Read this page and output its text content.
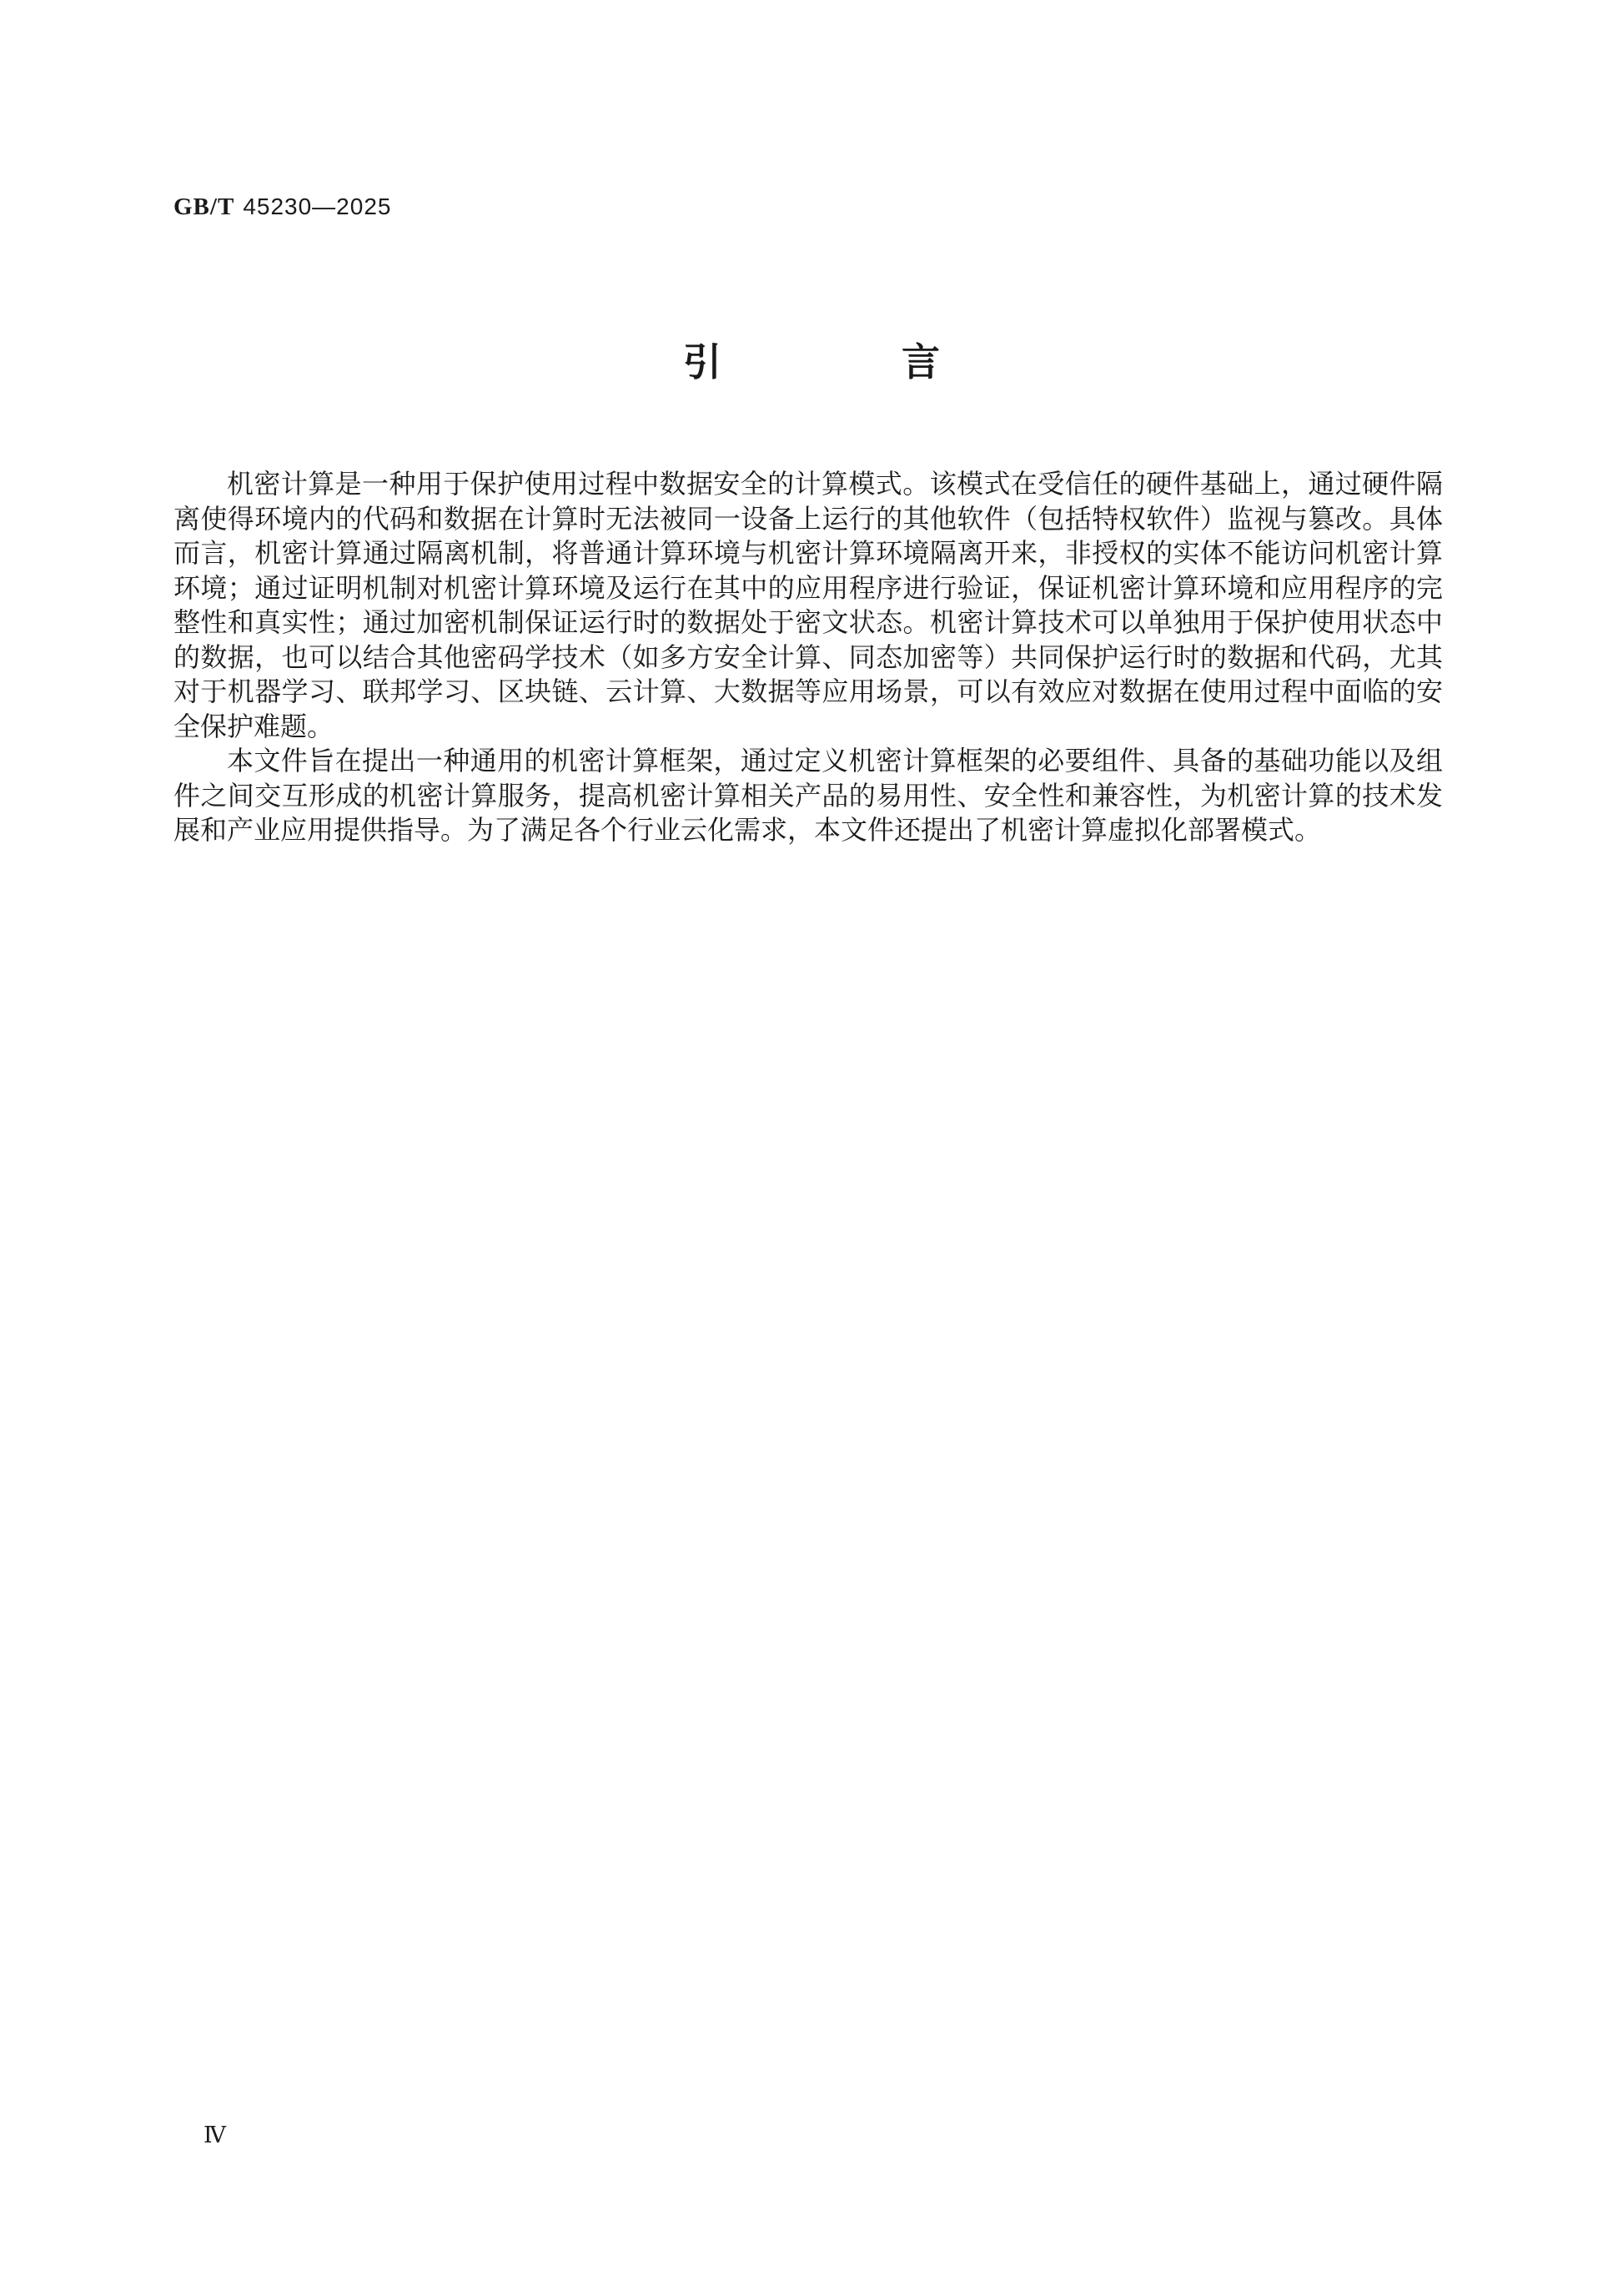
GB/T 45230—2025
引 言

机密计算是一种用于保护使用过程中数据安全的计算模式。该模式在受信任的硬件基础上，通过硬件隔离使得环境内的代码和数据在计算时无法被同一设备上运行的其他软件（包括特权软件）监视与篡改。具体而言，机密计算通过隔离机制，将普通计算环境与机密计算环境隔离开来，非授权的实体不能访问机密计算环境；通过证明机制对机密计算环境及运行在其中的应用程序进行验证，保证机密计算环境和应用程序的完整性和真实性；通过加密机制保证运行时的数据处于密文状态。机密计算技术可以单独用于保护使用状态中的数据，也可以结合其他密码学技术（如多方安全计算、同态加密等）共同保护运行时的数据和代码，尤其对于机器学习、联邦学习、区块链、云计算、大数据等应用场景，可以有效应对数据在使用过程中面临的安全保护难题。

本文件旨在提出一种通用的机密计算框架，通过定义机密计算框架的必要组件、具备的基础功能以及组件之间交互形成的机密计算服务，提高机密计算相关产品的易用性、安全性和兼容性，为机密计算的技术发展和产业应用提供指导。为了满足各个行业云化需求，本文件还提出了机密计算虚拟化部署模式。

Ⅳ
